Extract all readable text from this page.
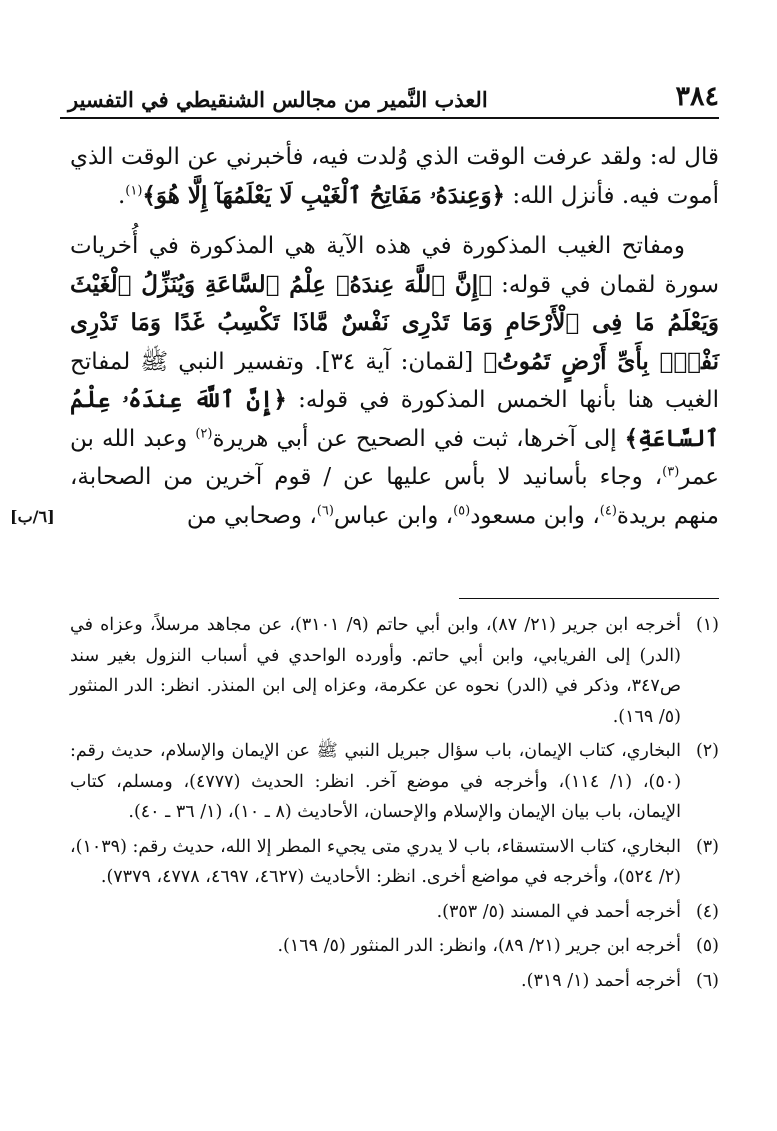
٣٨٤
العذب النَّمير من مجالس الشنقيطي في التفسير

قال له: ولقد عرفت الوقت الذي وُلدت فيه، فأخبرني عن الوقت الذي أموت فيه. فأنزل الله: ﴿وَعِندَهُۥ مَفَاتِحُ ٱلْغَيْبِ لَا يَعْلَمُهَآ إِلَّا هُوَ﴾$^{(١)}$.

ومفاتح الغيب المذكورة في هذه الآية هي المذكورة في أُخريات سورة لقمان في قوله: ﴿إِنَّ ٱللَّهَ عِندَهُۥ عِلْمُ ٱلسَّاعَةِ وَيُنَزِّلُ ٱلْغَيْثَ وَيَعْلَمُ مَا فِى ٱلْأَرْحَامِ وَمَا تَدْرِى نَفْسٌ مَّاذَا تَكْسِبُ غَدًا وَمَا تَدْرِى نَفْسٌۢ بِأَىِّ أَرْضٍ تَمُوتُ﴾ [لقمان: آية ٣٤]. وتفسير النبي ﷺ لمفاتح الغيب هنا بأنها الخمس المذكورة في قوله: ﴿إِنَّ ٱللَّهَ عِندَهُۥ عِلْمُ ٱلسَّاعَةِ﴾ إلى آخرها، ثبت في الصحيح عن أبي هريرة$^{(٢)}$ وعبد الله بن عمر$^{(٣)}$، وجاء بأسانيد لا بأس عليها عن / قوم آخرين من الصحابة، منهم بريدة$^{(٤)}$، وابن مسعود$^{(٥)}$، وابن عباس$^{(٦)}$، وصحابي من

[٦/ب]
(١)
أخرجه ابن جرير (٢١/ ٨٧)، وابن أبي حاتم (٩/ ٣١٠١)، عن مجاهد مرسلاً، وعزاه في (الدر) إلى الفريابي، وابن أبي حاتم. وأورده الواحدي في أسباب النزول بغير سند ص٣٤٧، وذكر في (الدر) نحوه عن عكرمة، وعزاه إلى ابن المنذر. انظر: الدر المنثور (٥/ ١٦٩).
(٢)
البخاري، كتاب الإيمان، باب سؤال جبريل النبي ﷺ عن الإيمان والإسلام، حديث رقم: (٥٠)، (١/ ١١٤)، وأخرجه في موضع آخر. انظر: الحديث (٤٧٧٧)، ومسلم، كتاب الإيمان، باب بيان الإيمان والإسلام والإحسان، الأحاديث (٨ ـ ١٠)، (١/ ٣٦ ـ ٤٠).
(٣)
البخاري، كتاب الاستسقاء، باب لا يدري متى يجيء المطر إلا الله، حديث رقم: (١٠٣٩)، (٢/ ٥٢٤)، وأخرجه في مواضع أخرى. انظر: الأحاديث (٤٦٢٧، ٤٦٩٧، ٤٧٧٨، ٧٣٧٩).
(٤)
أخرجه أحمد في المسند (٥/ ٣٥٣).
(٥)
أخرجه ابن جرير (٢١/ ٨٩)، وانظر: الدر المنثور (٥/ ١٦٩).
(٦)
أخرجه أحمد (١/ ٣١٩).
